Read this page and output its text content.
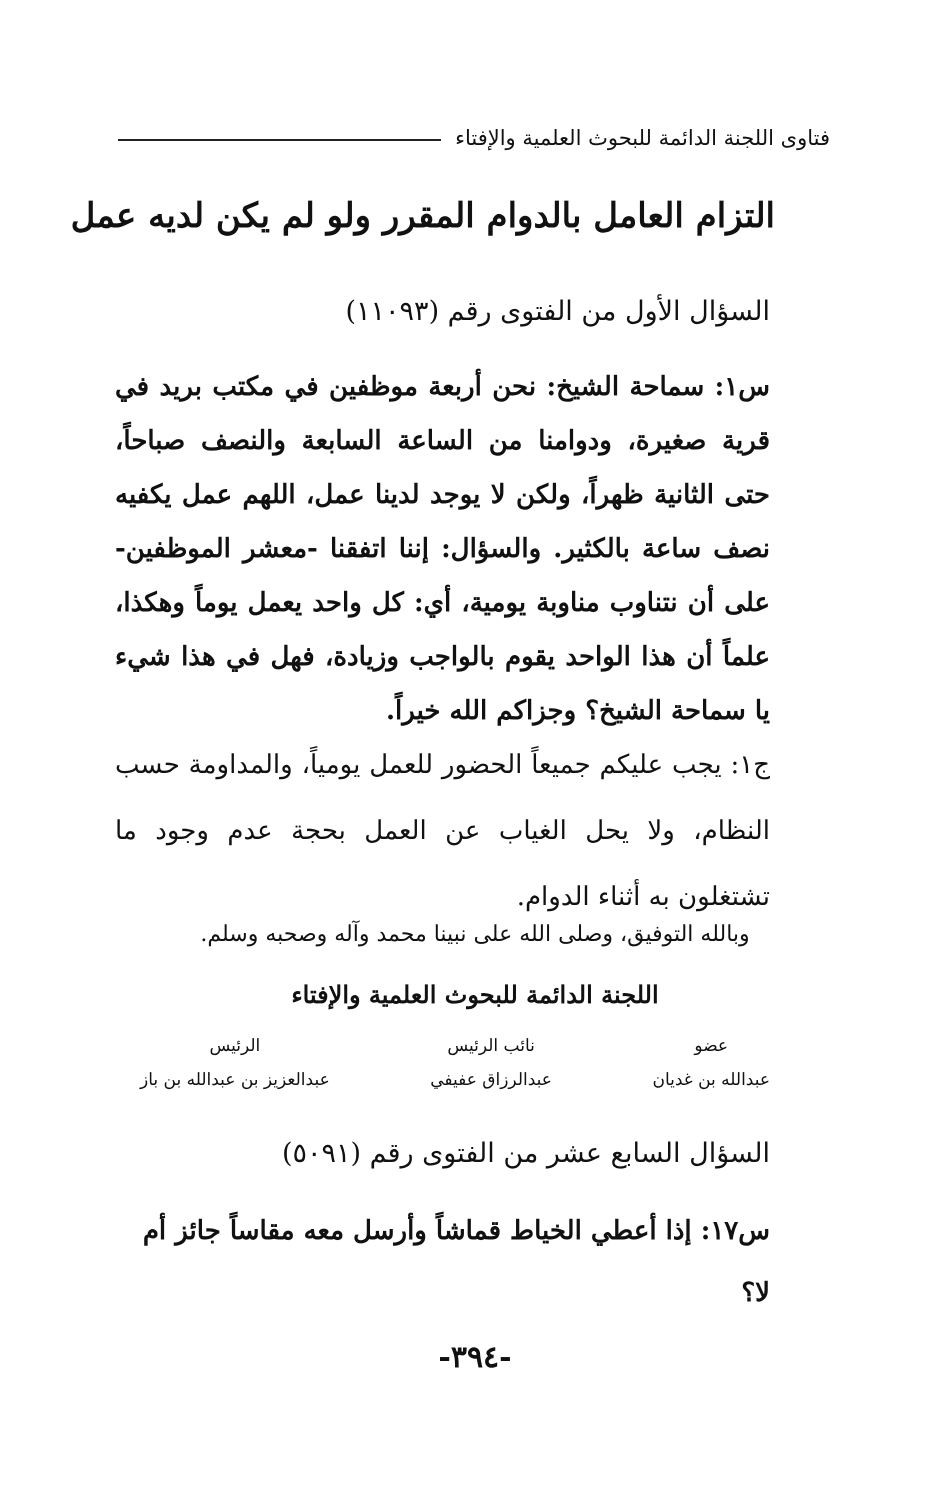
فتاوى اللجنة الدائمة للبحوث العلمية والإفتاء
التزام العامل بالدوام المقرر ولو لم يكن لديه عمل
السؤال الأول من الفتوى رقم (١١٠٩٣)
س١: سماحة الشيخ: نحن أربعة موظفين في مكتب بريد في قرية صغيرة، ودوامنا من الساعة السابعة والنصف صباحاً، حتى الثانية ظهراً، ولكن لا يوجد لدينا عمل، اللهم عمل يكفيه نصف ساعة بالكثير. والسؤال: إننا اتفقنا -معشر الموظفين- على أن نتناوب مناوبة يومية، أي: كل واحد يعمل يوماً وهكذا، علماً أن هذا الواحد يقوم بالواجب وزيادة، فهل في هذا شيء يا سماحة الشيخ؟ وجزاكم الله خيراً.
ج١: يجب عليكم جميعاً الحضور للعمل يومياً، والمداومة حسب النظام، ولا يحل الغياب عن العمل بحجة عدم وجود ما تشتغلون به أثناء الدوام.
وبالله التوفيق، وصلى الله على نبينا محمد وآله وصحبه وسلم.
اللجنة الدائمة للبحوث العلمية والإفتاء
عضو
عبدالله بن غديان
نائب الرئيس
عبدالرزاق عفيفي
الرئيس
عبدالعزيز بن عبدالله بن باز
السؤال السابع عشر من الفتوى رقم (٥٠٩١)
س١٧: إذا أعطي الخياط قماشاً وأرسل معه مقاساً جائز أم لا؟
-٣٩٤-
